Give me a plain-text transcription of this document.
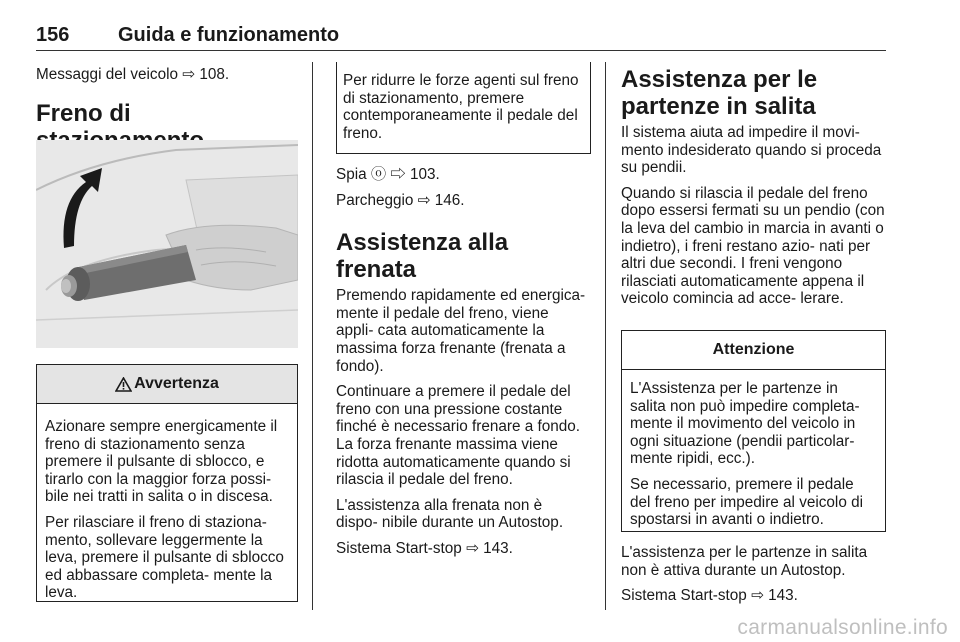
156 Guida e funzionamento

Messaggi del veicolo ⇨ 108.

Freno di
Avvertenza

Azionare sempre energicamente il freno di stazionamento senza premere il pulsante di sblocco, e tirarlo con la maggior forza possi- bile nei tratti in salita o in discesa.

Per rilasciare il freno di staziona- mento, sollevare leggermente la leva, premere il pulsante di sblocco ed abbassare completa- mente la leva.

Per ridurre le forze agenti sul freno di stazionamento, premere contemporaneamente il pedale del freno.

Spia ⓞ ⇨ 103.

Parcheggio ⇨ 146.

Assistenza alla frenata

Premendo rapidamente ed energica- mente il pedale del freno, viene appli- cata automaticamente la massima forza frenante (frenata a fondo).

Continuare a premere il pedale del freno con una pressione costante finché è necessario frenare a fondo. La forza frenante massima viene ridotta automaticamente quando si rilascia il pedale del freno.

L'assistenza alla frenata non è dispo- nibile durante un Autostop.

Sistema Start-stop ⇨ 143.

Assistenza per le partenze in salita

Il sistema aiuta ad impedire il movi- mento indesiderato quando si proceda su pendii.

Quando si rilascia il pedale del freno dopo essersi fermati su un pendio (con la leva del cambio in marcia in avanti o indietro), i freni restano azio- nati per altri due secondi. I freni vengono rilasciati automaticamente appena il veicolo comincia ad acce- lerare.

Attenzione

L'Assistenza per le partenze in salita non può impedire completa- mente il movimento del veicolo in ogni situazione (pendii particolar- mente ripidi, ecc.).

Se necessario, premere il pedale del freno per impedire al veicolo di spostarsi in avanti o indietro.

L'assistenza per le partenze in salita non è attiva durante un Autostop.

Sistema Start-stop ⇨ 143.

carmanualsonline.info
